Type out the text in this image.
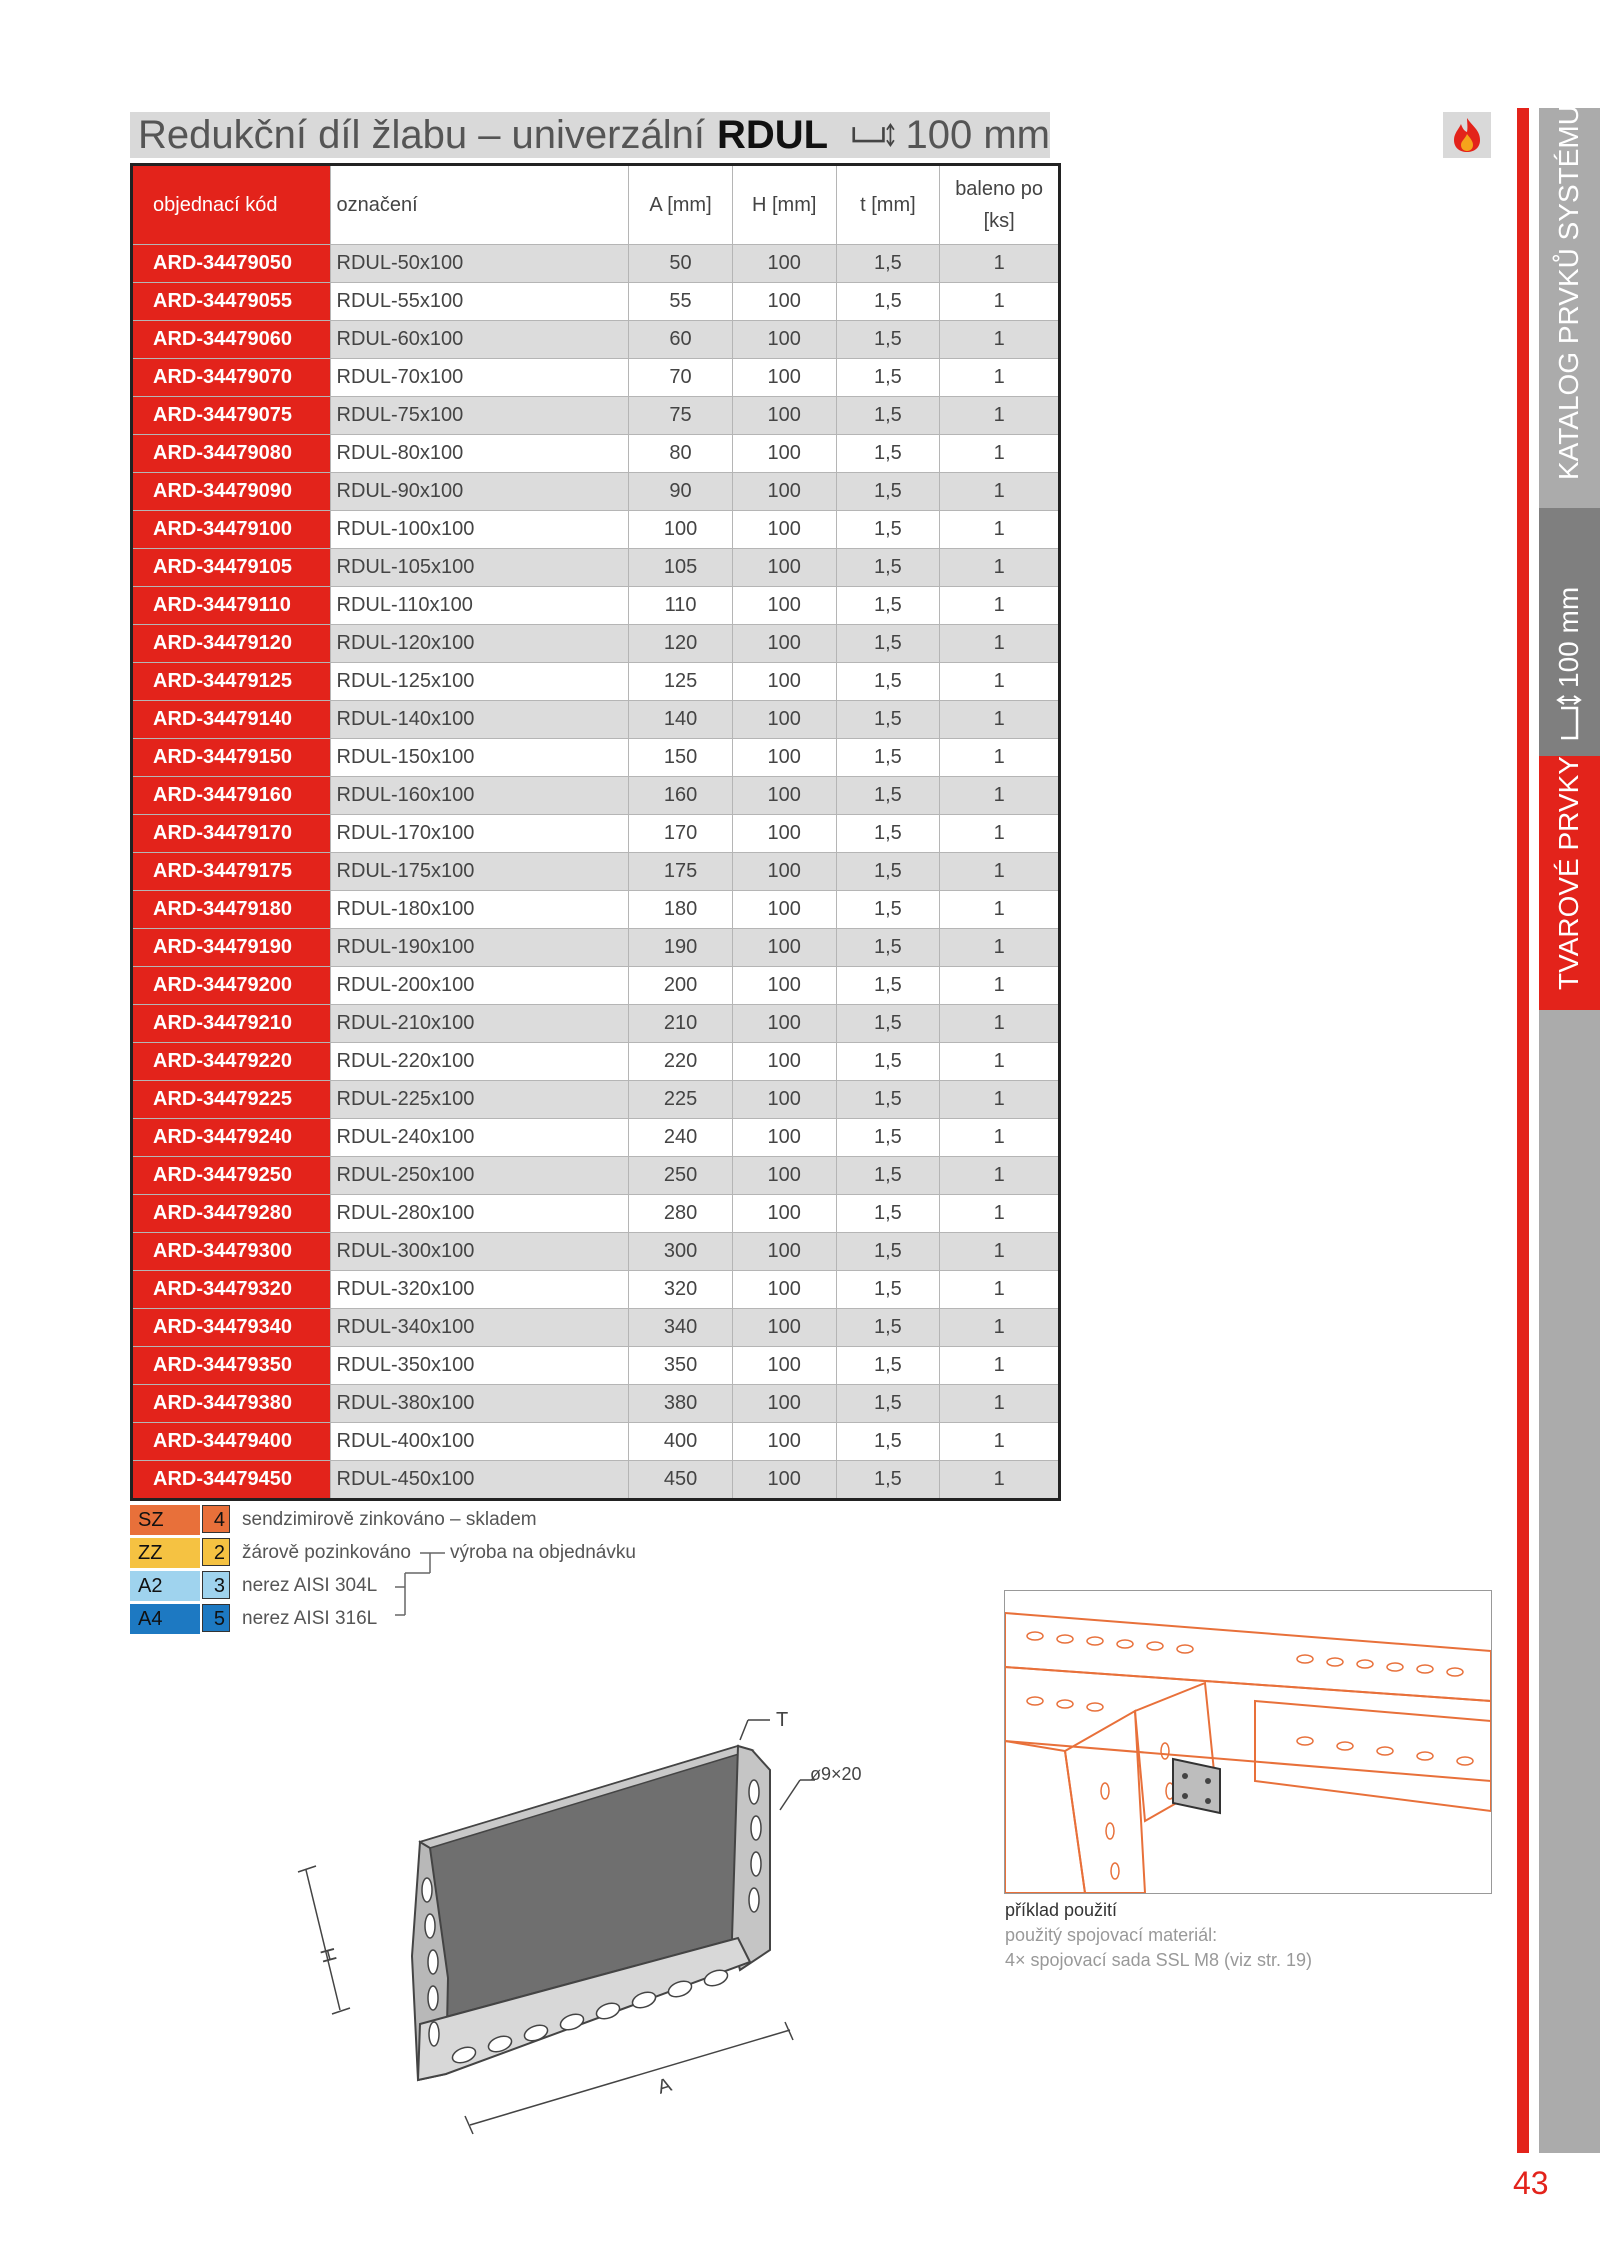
Redukční díl žlabu – univerzální RDUL 100 mm	KATALOG PRVKŮ SYSTÉMU
100 mm
TVAROVÉ PRVKY
43
objednací kód	označení	A [mm]	H [mm]	t [mm]	baleno po [ks]
ARD-34479050	RDUL-50x100	50	100	1,5	1
ARD-34479055	RDUL-55x100	55	100	1,5	1
ARD-34479060	RDUL-60x100	60	100	1,5	1
ARD-34479070	RDUL-70x100	70	100	1,5	1
ARD-34479075	RDUL-75x100	75	100	1,5	1
ARD-34479080	RDUL-80x100	80	100	1,5	1
ARD-34479090	RDUL-90x100	90	100	1,5	1
ARD-34479100	RDUL-100x100	100	100	1,5	1
ARD-34479105	RDUL-105x100	105	100	1,5	1
ARD-34479110	RDUL-110x100	110	100	1,5	1
ARD-34479120	RDUL-120x100	120	100	1,5	1
ARD-34479125	RDUL-125x100	125	100	1,5	1
ARD-34479140	RDUL-140x100	140	100	1,5	1
ARD-34479150	RDUL-150x100	150	100	1,5	1
ARD-34479160	RDUL-160x100	160	100	1,5	1
ARD-34479170	RDUL-170x100	170	100	1,5	1
ARD-34479175	RDUL-175x100	175	100	1,5	1
ARD-34479180	RDUL-180x100	180	100	1,5	1
ARD-34479190	RDUL-190x100	190	100	1,5	1
ARD-34479200	RDUL-200x100	200	100	1,5	1
ARD-34479210	RDUL-210x100	210	100	1,5	1
ARD-34479220	RDUL-220x100	220	100	1,5	1
ARD-34479225	RDUL-225x100	225	100	1,5	1
ARD-34479240	RDUL-240x100	240	100	1,5	1
ARD-34479250	RDUL-250x100	250	100	1,5	1
ARD-34479280	RDUL-280x100	280	100	1,5	1
ARD-34479300	RDUL-300x100	300	100	1,5	1
ARD-34479320	RDUL-320x100	320	100	1,5	1
ARD-34479340	RDUL-340x100	340	100	1,5	1
ARD-34479350	RDUL-350x100	350	100	1,5	1
ARD-34479380	RDUL-380x100	380	100	1,5	1
ARD-34479400	RDUL-400x100	400	100	1,5	1
ARD-34479450	RDUL-450x100	450	100	1,5	1
výroba na objednávku
SZ	4 sendzimirově zinkováno – skladem
ZZ	2 žárově pozinkováno
A2	3 nerez AISI 304L
A4	5 nerez AISI 316L
H
A
T
ø9×20
příklad použití
použitý spojovací materiál:
4× spojovací sada SSL M8 (viz str. 19)
